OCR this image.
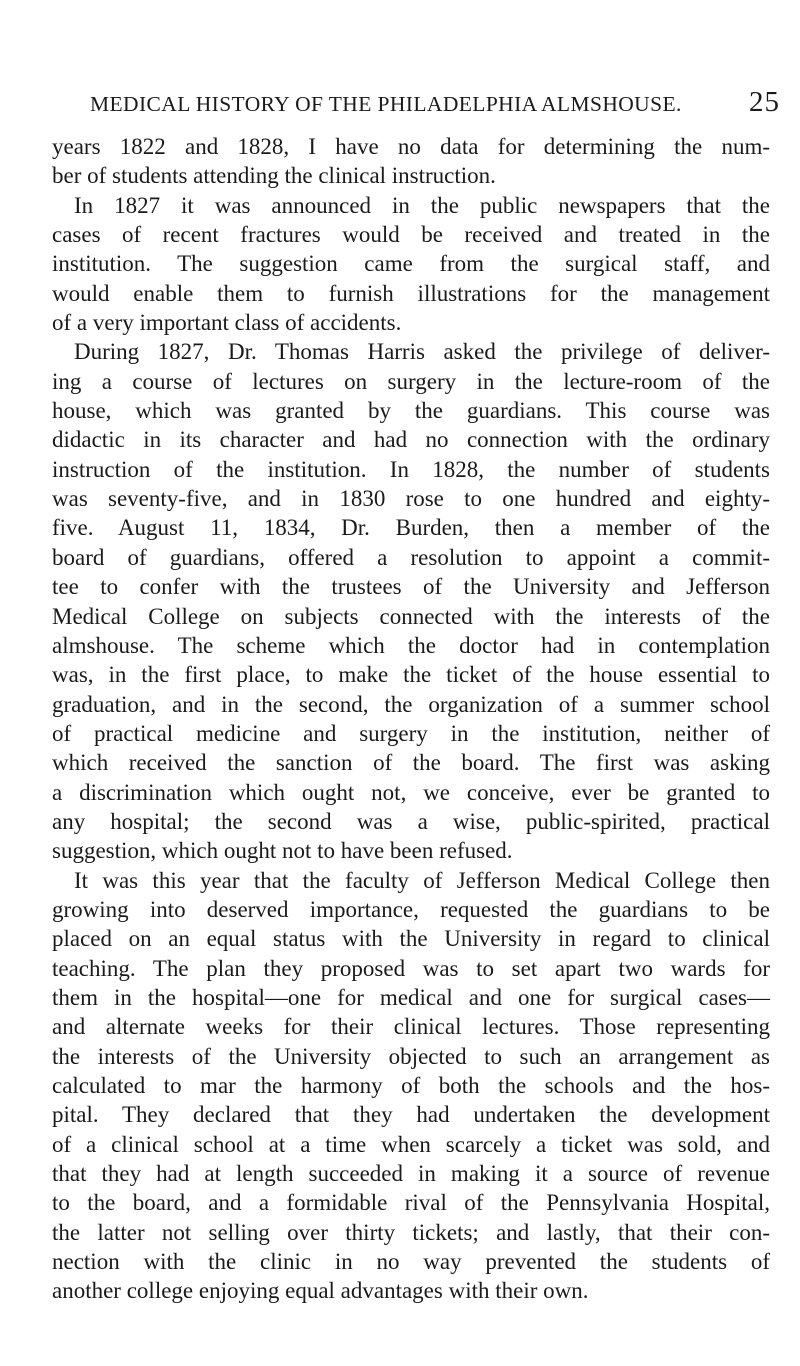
MEDICAL HISTORY OF THE PHILADELPHIA ALMSHOUSE. 25

years 1822 and 1828, I have no data for determining the num-

ber of students attending the clinical instruction.

In 1827 it was announced in the public newspapers that the

cases of recent fractures would be received and treated in the

institution. The suggestion came from the surgical staff, and

would enable them to furnish illustrations for the management

of a very important class of accidents.

During 1827, Dr. Thomas Harris asked the privilege of deliver-

ing a course of lectures on surgery in the lecture-room of the

house, which was granted by the guardians. This course was

didactic in its character and had no connection with the ordinary

instruction of the institution. In 1828, the number of students

was seventy-five, and in 1830 rose to one hundred and eighty-

five. August 11, 1834, Dr. Burden, then a member of the

board of guardians, offered a resolution to appoint a commit-

tee to confer with the trustees of the University and Jefferson

Medical College on subjects connected with the interests of the

almshouse. The scheme which the doctor had in contemplation

was, in the first place, to make the ticket of the house essential to

graduation, and in the second, the organization of a summer school

of practical medicine and surgery in the institution, neither of

which received the sanction of the board. The first was asking

a discrimination which ought not, we conceive, ever be granted to

any hospital; the second was a wise, public-spirited, practical

suggestion, which ought not to have been refused.

It was this year that the faculty of Jefferson Medical College then

growing into deserved importance, requested the guardians to be

placed on an equal status with the University in regard to clinical

teaching. The plan they proposed was to set apart two wards for

them in the hospital—one for medical and one for surgical cases—

and alternate weeks for their clinical lectures. Those representing

the interests of the University objected to such an arrangement as

calculated to mar the harmony of both the schools and the hos-

pital. They declared that they had undertaken the development

of a clinical school at a time when scarcely a ticket was sold, and

that they had at length succeeded in making it a source of revenue

to the board, and a formidable rival of the Pennsylvania Hospital,

the latter not selling over thirty tickets; and lastly, that their con-

nection with the clinic in no way prevented the students of

another college enjoying equal advantages with their own.
